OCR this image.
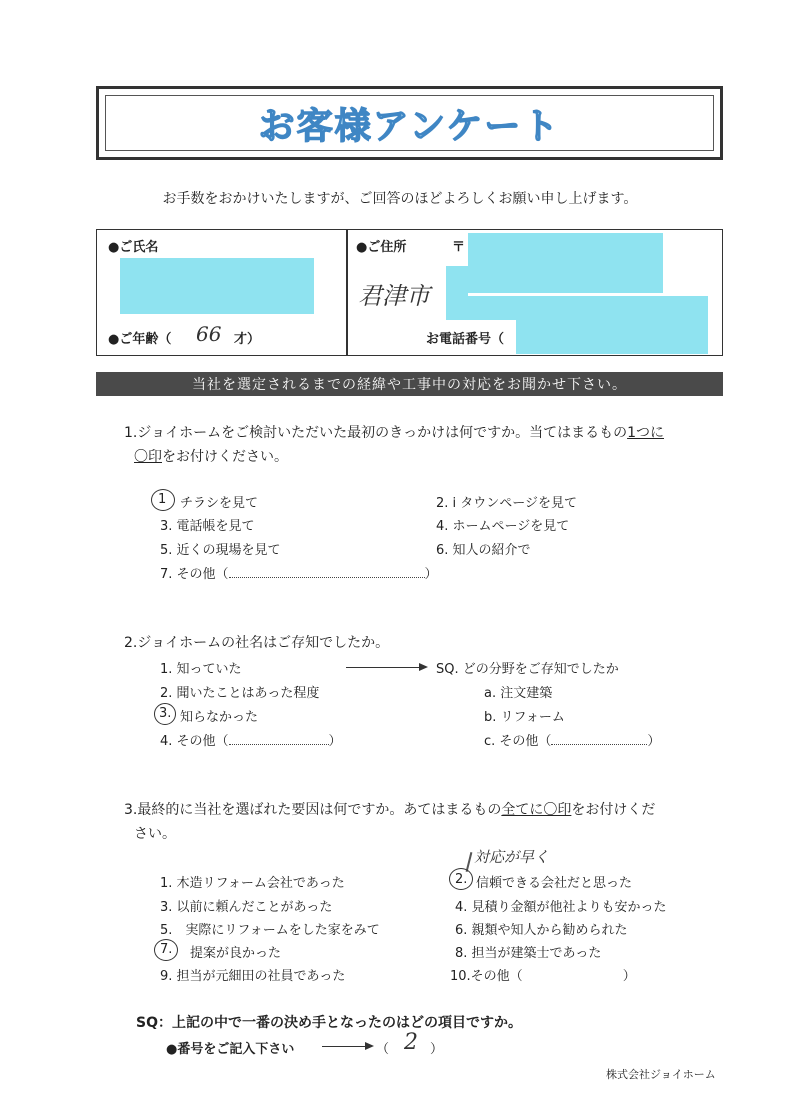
お客様アンケート
お手数をおかけいたしますが、ご回答のほどよろしくお願い申し上げます。
●ご氏名
●ご年齢（ 66 才）
●ご住所	〒
君津市
お電話番号（
当社を選定されるまでの経緯や工事中の対応をお聞かせ下さい。
1.ジョイホームをご検討いただいた最初のきっかけは何ですか。当てはまるもの1つに
〇印をお付けください。
1 チラシを見て	2. i タウンページを見て
3. 電話帳を見て	4. ホームページを見て
5. 近くの現場を見て	6. 知人の紹介で
7. その他（	）
2.ジョイホームの社名はご存知でしたか。
1. 知っていた	SQ. どの分野をご存知でしたか
2. 聞いたことはあった程度	a. 注文建築
3. 知らなかった	b. リフォーム
4. その他（	）	c. その他（	）
3.最終的に当社を選ばれた要因は何ですか。あてはまるもの全てに〇印をお付けくだ
さい。
対応が早く
1. 木造リフォーム会社であった	2. 信頼できる会社だと思った
3. 以前に頼んだことがあった	4. 見積り金額が他社よりも安かった
5.　実際にリフォームをした家をみて	6. 親類や知人から勧められた
7. 提案が良かった	8. 担当が建築士であった
9. 担当が元細田の社員であった	10.その他（	）
SQ：上記の中で一番の決め手となったのはどの項目ですか。
●番号をご記入下さい	（ 2 ）
株式会社ジョイホーム
